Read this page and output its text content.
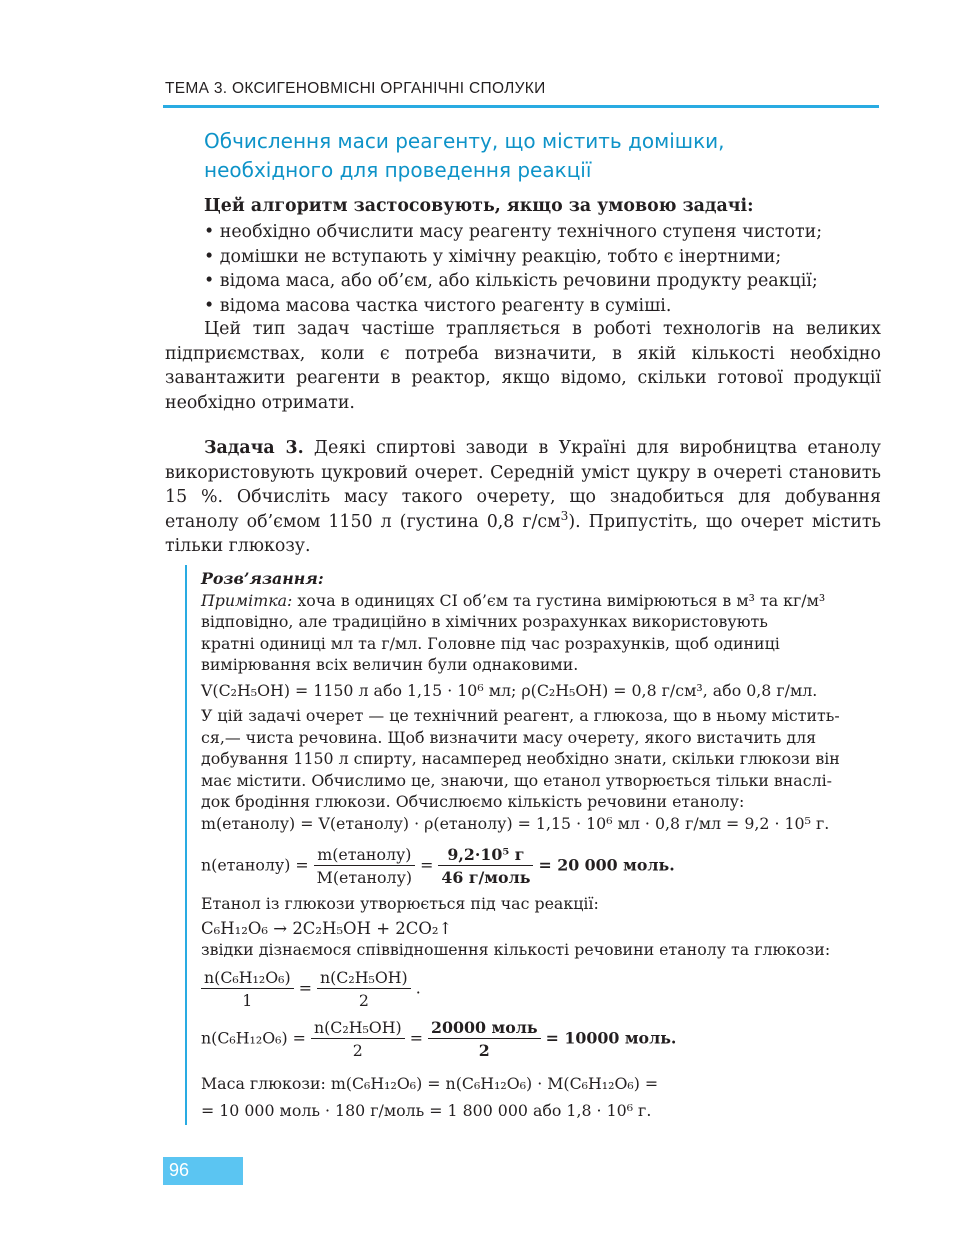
ТЕМА 3. ОКСИГЕНОВМІСНІ ОРГАНІЧНІ СПОЛУКИ
Обчислення маси реагенту, що містить домішки,
необхідного для проведення реакції
Цей алгоритм застосовують, якщо за умовою задачі:
• необхідно обчислити масу реагенту технічного ступеня чистоти;
• домішки не вступають у хімічну реакцію, тобто є інертними;
• відома маса, або об’єм, або кількість речовини продукту реакції;
• відома масова частка чистого реагенту в суміші.
Цей тип задач частіше трапляється в роботі технологів на великих підприємствах, коли є потреба визначити, в якій кількості необхідно завантажити реагенти в реактор, якщо відомо, скільки готової продукції необхідно отримати.
Задача 3. Деякі спиртові заводи в Україні для виробництва етанолу використовують цукровий очерет. Середній уміст цукру в очереті становить 15 %. Обчисліть масу такого очерету, що знадобиться для добування етанолу об’ємом 1150 л (густина 0,8 $г/см^3$). Припустіть, що очерет містить тільки глюкозу.
Розв’язання:
Примітка: хоча в одиницях СІ об’єм та густина вимірюються в м³ та кг/м³
відповідно, але традиційно в хімічних розрахунках використовують
кратні одиниці мл та г/мл. Головне під час розрахунків, щоб одиниці
вимірювання всіх величин були однаковими.
V(C₂H₅OH) = 1150 л або 1,15 · 10⁶ мл; ρ(C₂H₅OH) = 0,8 г/см³, або 0,8 г/мл.
У цій задачі очерет — це технічний реагент, а глюкоза, що в ньому містить-
ся,— чиста речовина. Щоб визначити масу очерету, якого вистачить для
добування 1150 л спирту, насамперед необхідно знати, скільки глюкози він
має містити. Обчислимо це, знаючи, що етанол утворюється тільки внаслі-
док бродіння глюкози. Обчислюємо кількість речовини етанолу:
m(етанолу) = V(етанолу) · ρ(етанолу) = 1,15 · 10⁶ мл · 0,8 г/мл = 9,2 · 10⁵ г.
n(етанолу) = $\frac{\text{m(етанолу)}}{\text{M(етанолу)}} = \frac{\text{9,2·10⁵ г}}{\text{46 г/моль}} = 20$ 000 моль.
Етанол із глюкози утворюється під час реакції:
C₆H₁₂O₆ → 2C₂H₅OH + 2CO₂↑
звідки дізнаємося співвідношення кількості речовини етанолу та глюкози:
$\frac{\text{n(C₆H₁₂O₆)}}{1} = \frac{\text{n(C₂H₅OH)}}{2}$ .
$n(C_6H_{12}O_6) = \frac{\text{n(C₂H₅OH)}}{2} = \frac{\text{20000 моль}}{2} = 10000$ моль.
Маса глюкози: m(C₆H₁₂O₆) = n(C₆H₁₂O₆) · M(C₆H₁₂O₆) =
= 10 000 моль · 180 г/моль = 1 800 000 або 1,8 · 10⁶ г.
96
